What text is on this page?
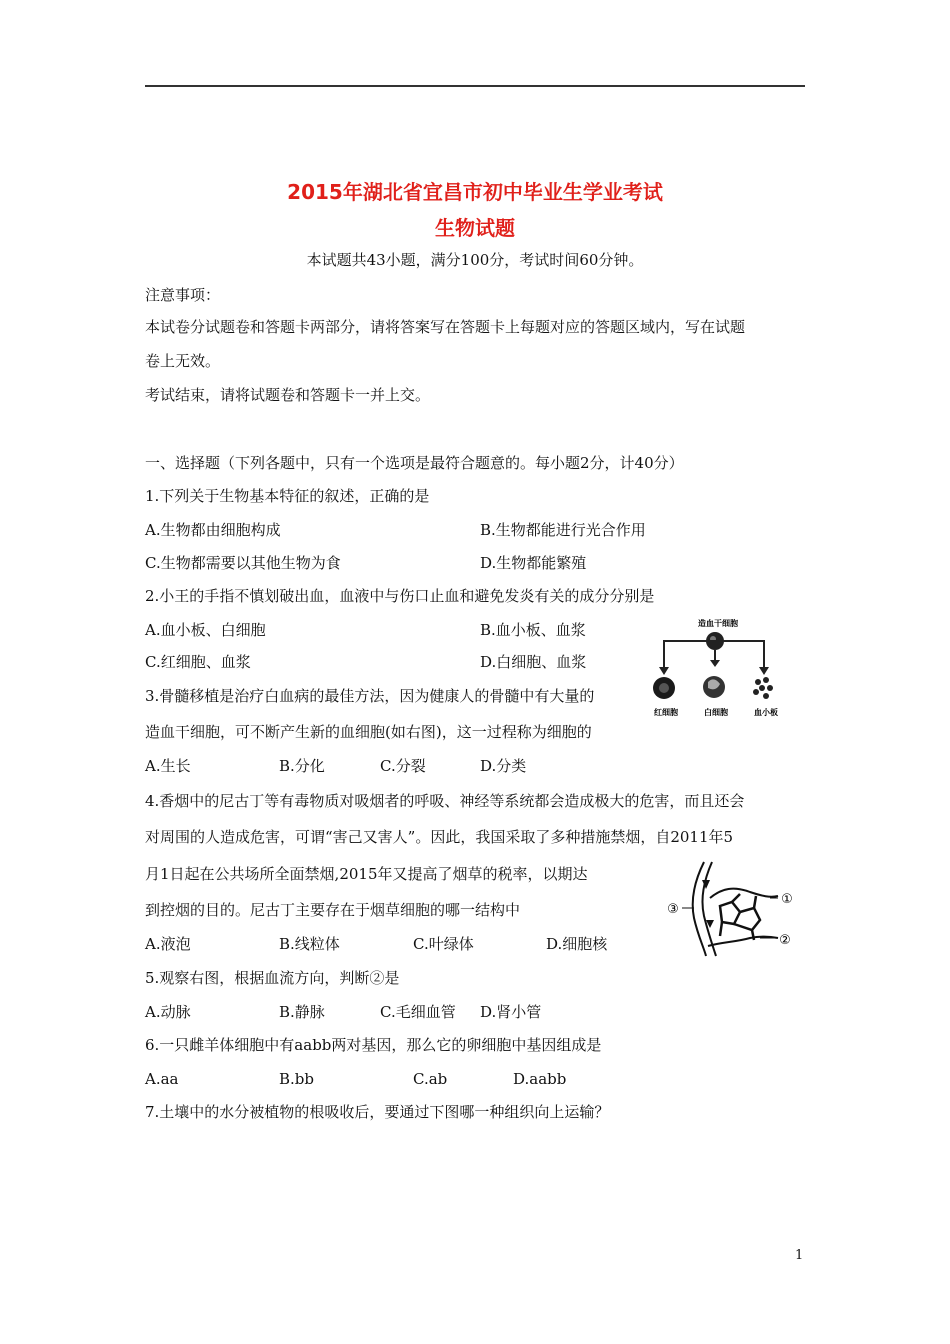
2015年湖北省宜昌市初中毕业生学业考试
生物试题
本试题共43小题，满分100分，考试时间60分钟。
注意事项：
本试卷分试题卷和答题卡两部分，请将答案写在答题卡上每题对应的答题区域内，写在试题
卷上无效。
考试结束，请将试题卷和答题卡一并上交。
一、选择题（下列各题中，只有一个选项是最符合题意的。每小题2分，计40分）
1.下列关于生物基本特征的叙述，正确的是
A.生物都由细胞构成	B.生物都能进行光合作用
C.生物都需要以其他生物为食	D.生物都能繁殖
2.小王的手指不慎划破出血，血液中与伤口止血和避免发炎有关的成分分别是
A.血小板、白细胞	B.血小板、血浆
C.红细胞、血浆	D.白细胞、血浆
3.骨髓移植是治疗白血病的最佳方法，因为健康人的骨髓中有大量的
造血干细胞，可不断产生新的血细胞(如右图)，这一过程称为细胞的
A.生长	B.分化	C.分裂	D.分类
造血干细胞
红细胞	白细胞	血小板
4.香烟中的尼古丁等有毒物质对吸烟者的呼吸、神经等系统都会造成极大的危害，而且还会
对周围的人造成危害，可谓“害己又害人”。因此，我国采取了多种措施禁烟，自2011年5
月1日起在公共场所全面禁烟,2015年又提高了烟草的税率，以期达
到控烟的目的。尼古丁主要存在于烟草细胞的哪一结构中
A.液泡	B.线粒体	C.叶绿体	D.细胞核
③
①
②
5.观察右图，根据血流方向，判断②是
A.动脉	B.静脉	C.毛细血管 D.肾小管
6.一只雌羊体细胞中有aabb两对基因，那么它的卵细胞中基因组成是
A.aa	B.bb	C.ab	D.aabb
7.土壤中的水分被植物的根吸收后，要通过下图哪一种组织向上运输？
1
